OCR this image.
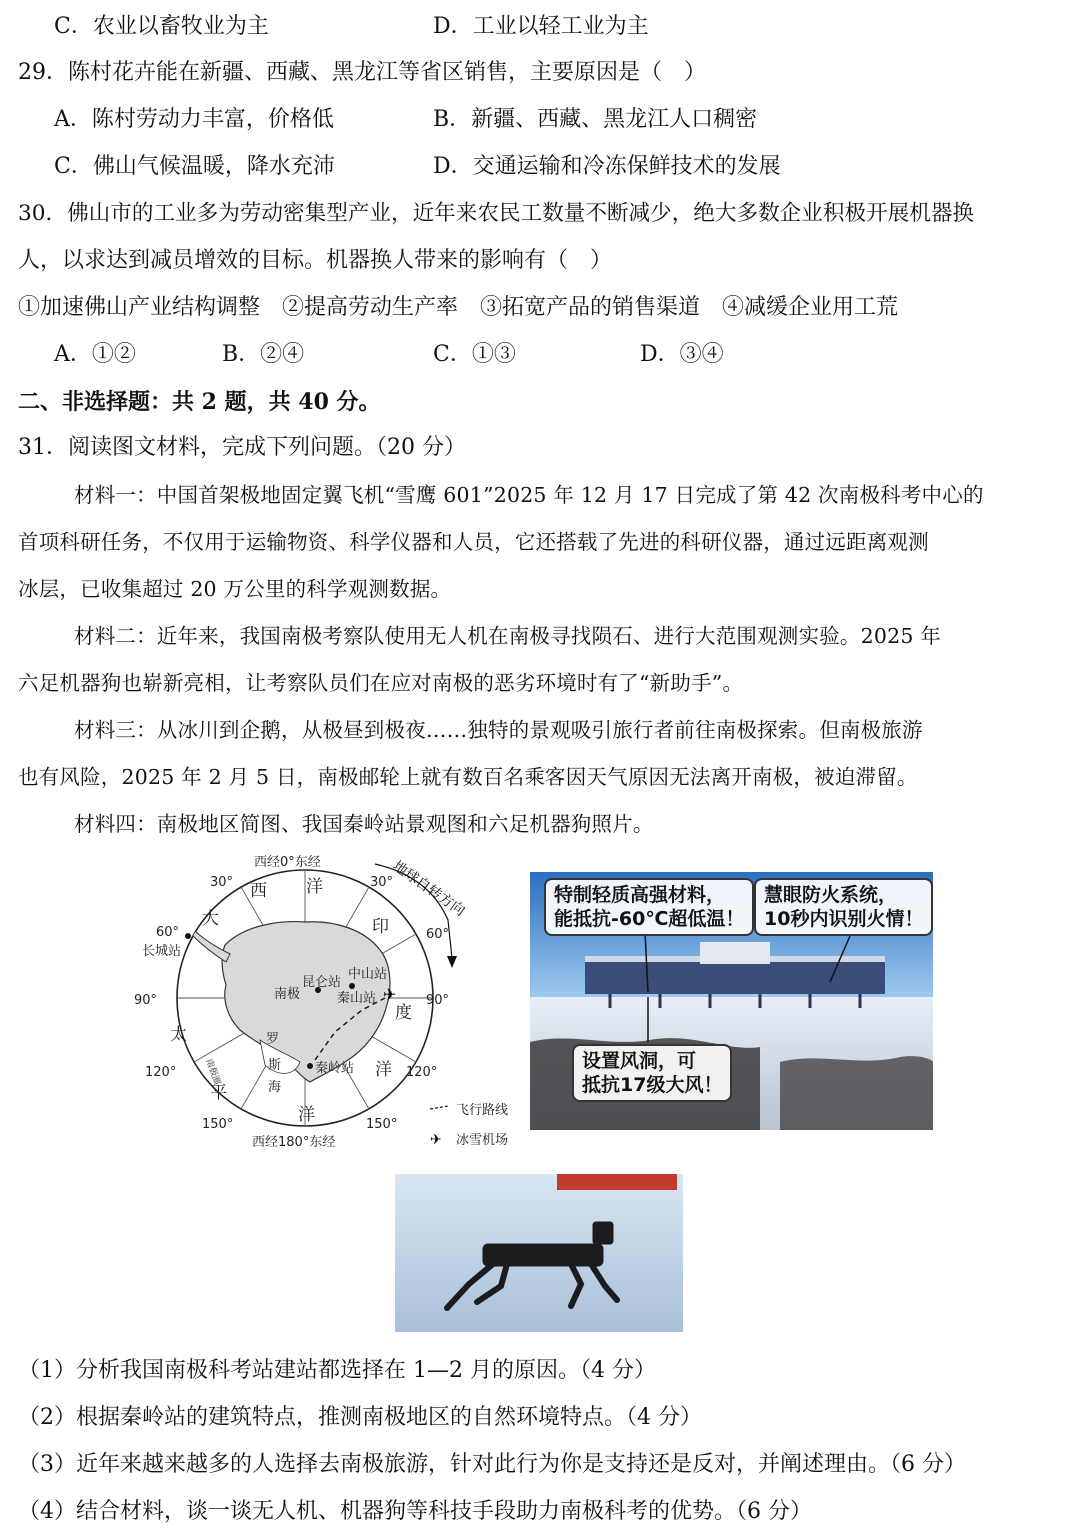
C．农业以畜牧业为主	D．工业以轻工业为主
29．陈村花卉能在新疆、西藏、黑龙江等省区销售，主要原因是（　）
A．陈村劳动力丰富，价格低	B．新疆、西藏、黑龙江人口稠密
C．佛山气候温暖，降水充沛	D．交通运输和冷冻保鲜技术的发展
30．佛山市的工业多为劳动密集型产业，近年来农民工数量不断减少，绝大多数企业积极开展机器换
人，以求达到减员增效的目标。机器换人带来的影响有（　）
①加速佛山产业结构调整　②提高劳动生产率　③拓宽产品的销售渠道　④减缓企业用工荒
A．①②	B．②④	C．①③	D．③④
二、非选择题：共 2 题，共 40 分。
31．阅读图文材料，完成下列问题。（20 分）
材料一：中国首架极地固定翼飞机“雪鹰 601”2025 年 12 月 17 日完成了第 42 次南极科考中心的
首项科研任务，不仅用于运输物资、科学仪器和人员，它还搭载了先进的科研仪器，通过远距离观测
冰层，已收集超过 20 万公里的科学观测数据。
材料二：近年来，我国南极考察队使用无人机在南极寻找陨石、进行大范围观测实验。2025 年
六足机器狗也崭新亮相，让考察队员们在应对南极的恶劣环境时有了“新助手”。
材料三：从冰川到企鹅，从极昼到极夜……独特的景观吸引旅行者前往南极探索。但南极旅游
也有风险，2025 年 2 月 5 日，南极邮轮上就有数百名乘客因天气原因无法离开南极，被迫滞留。
材料四：南极地区简图、我国秦岭站景观图和六足机器狗照片。
✈
西经0°东经
西经180°东经
30°	30°
60°	60°
90°	90°
120°	120°
150°	150°
西 洋
大	印
度
洋
太
平
洋
罗
斯
海
长城站
昆仑站
中山站
秦山站
南极
秦岭站
南极圈
地球自转方向
飞行路线
✈ 冰雪机场
特制轻质高强材料，
能抵抗-60℃超低温！
慧眼防火系统，
10秒内识别火情！
设置风洞，可
抵抗17级大风！
（1）分析我国南极科考站建站都选择在 1—2 月的原因。（4 分）
（2）根据秦岭站的建筑特点，推测南极地区的自然环境特点。（4 分）
（3）近年来越来越多的人选择去南极旅游，针对此行为你是支持还是反对，并阐述理由。（6 分）
（4）结合材料，谈一谈无人机、机器狗等科技手段助力南极科考的优势。（6 分）
